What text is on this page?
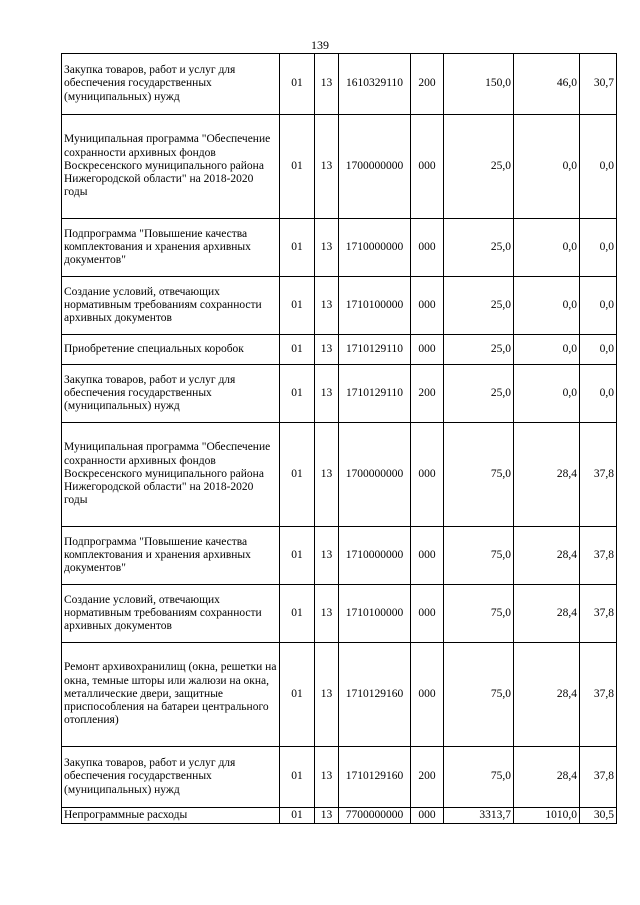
139
Закупка товаров, работ и услуг для обеспечения государственных (муниципальных) нужд	01	13	1610329110	200	150,0	46,0	30,7
Муниципальная программа "Обеспечение сохранности архивных фондов Воскресенского муниципального района Нижегородской области" на 2018-2020 годы	01	13	1700000000	000	25,0	0,0	0,0
Подпрограмма "Повышение качества комплектования и хранения архивных документов"	01	13	1710000000	000	25,0	0,0	0,0
Создание условий, отвечающих нормативным требованиям сохранности архивных документов	01	13	1710100000	000	25,0	0,0	0,0
Приобретение специальных коробок	01	13	1710129110	000	25,0	0,0	0,0
Закупка товаров, работ и услуг для обеспечения государственных (муниципальных) нужд	01	13	1710129110	200	25,0	0,0	0,0
Муниципальная программа "Обеспечение сохранности архивных фондов Воскресенского муниципального района Нижегородской области" на 2018-2020 годы	01	13	1700000000	000	75,0	28,4	37,8
Подпрограмма "Повышение качества комплектования и хранения архивных документов"	01	13	1710000000	000	75,0	28,4	37,8
Создание условий, отвечающих нормативным требованиям сохранности архивных документов	01	13	1710100000	000	75,0	28,4	37,8
Ремонт архивохранилищ (окна, решетки на окна, темные шторы или жалюзи на окна, металлические двери, защитные приспособления на батареи центрального отопления)	01	13	1710129160	000	75,0	28,4	37,8
Закупка товаров, работ и услуг для обеспечения государственных (муниципальных) нужд	01	13	1710129160	200	75,0	28,4	37,8
Непрограммные расходы	01	13	7700000000	000	3313,7	1010,0	30,5
